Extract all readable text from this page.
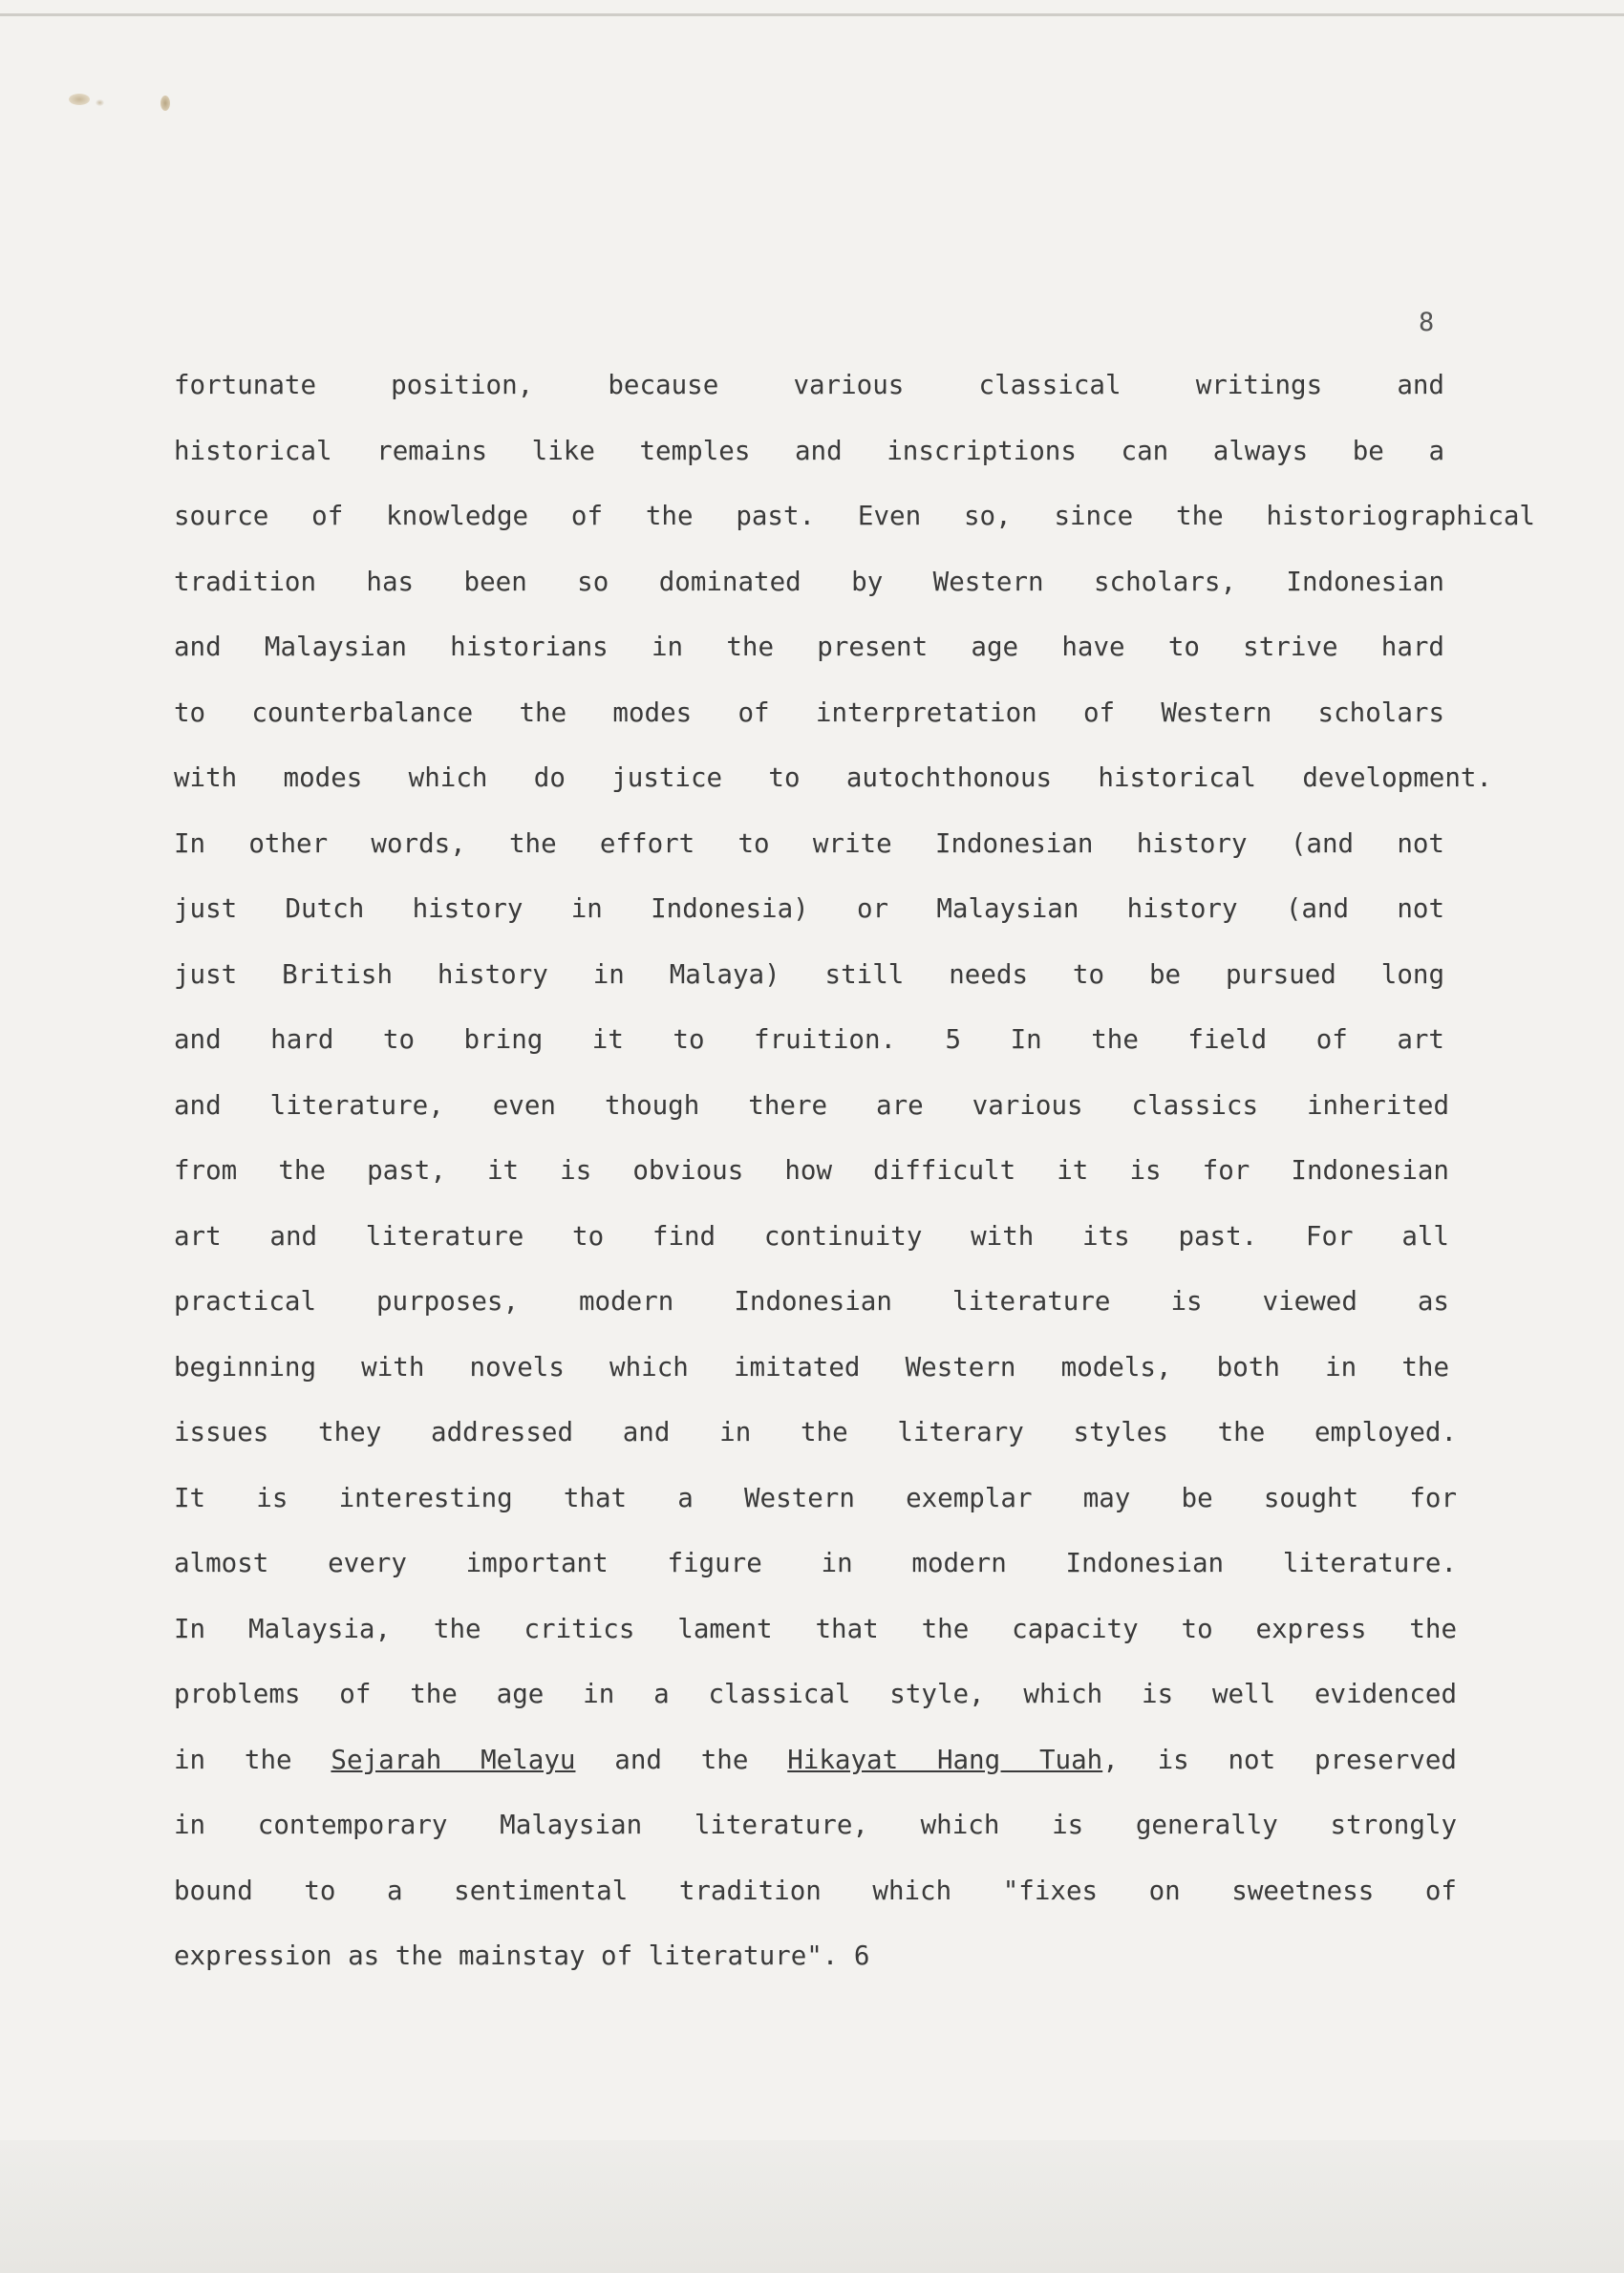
8
fortunate position, because various classical writings and
historical remains like temples and inscriptions can always be a
source of knowledge of the past. Even so, since the historiographical
tradition has been so dominated by Western scholars, Indonesian
and Malaysian historians in the present age have to strive hard
to counterbalance the modes of interpretation of Western scholars
with modes which do justice to autochthonous historical development.
In other words, the effort to write Indonesian history (and not
just Dutch history in Indonesia) or Malaysian history (and not
just British history in Malaya) still needs to be pursued long
and hard to bring it to fruition. 5 In the field of art
and literature, even though there are various classics inherited
from the past, it is obvious how difficult it is for Indonesian
art and literature to find continuity with its past. For all
practical purposes, modern Indonesian literature is viewed as
beginning with novels which imitated Western models, both in the
issues they addressed and in the literary styles the employed.
It is interesting that a Western exemplar may be sought for
almost every important figure in modern Indonesian literature.
In Malaysia, the critics lament that the capacity to express the
problems of the age in a classical style, which is well evidenced
in the Sejarah Melayu and the Hikayat Hang Tuah, is not preserved
in contemporary Malaysian literature, which is generally strongly
bound to a sentimental tradition which "fixes on sweetness of
expression as the mainstay of literature". 6
